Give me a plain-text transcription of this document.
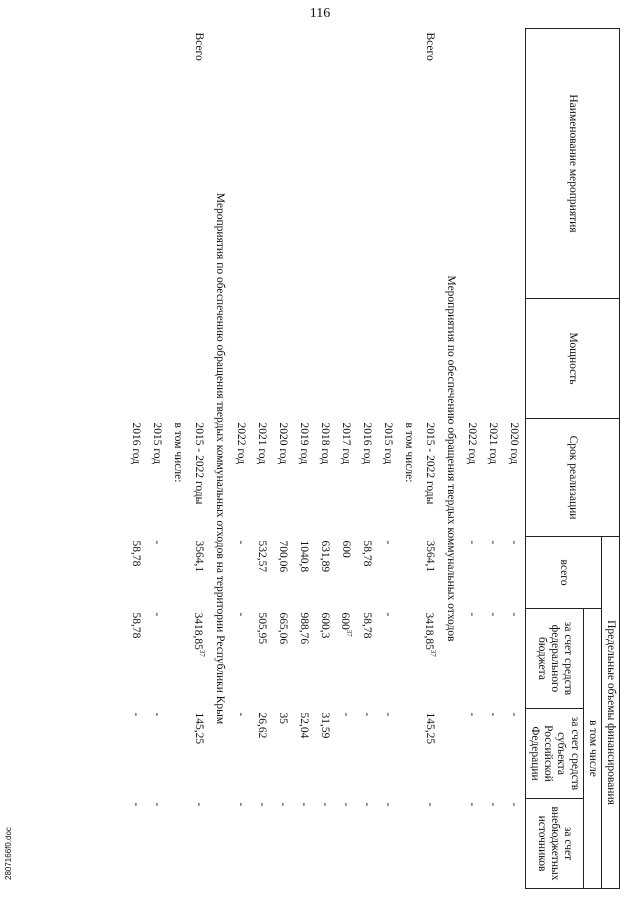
116
Наименование мероприятия	Мощность	Срок реализации	Предельные объемы финансирования			
			всего	в том числе		
				за счет средств федерального бюджета	за счет средств субъекта Российской Федерации	за счет внебюджетных источников
		2020 год	-	-	-	-
		2021 год	-	-	-	-
		2022 год	-	-	-	-
Мероприятия по обеспечению обращения твердых коммунальных отходов						
Всего		2015 - 2022 годы	3564,1	3418,85$^{37}$	145,25	-
		в том числе:				
		2015 год	-	-	-	-
		2016 год	58,78	58,78	-	-
		2017 год	600	$600^{37}$	-	-
		2018 год	631,89	600,3	31,59	-
		2019 год	1040,8	988,76	52,04	-
		2020 год	700,06	665,06	35	-
		2021 год	532,57	505,95	26,62	-
		2022 год	-	-	-	-
Мероприятия по обеспечению обращения твердых коммунальных отходов на территории Республики Крым						
Всего		2015 - 2022 годы	3564,1	3418,85$^{37}$	145,25	-
		в том числе:				
		2015 год	-	-	-	-
		2016 год	58,78	58,78	-	-
2807166f0.doc
